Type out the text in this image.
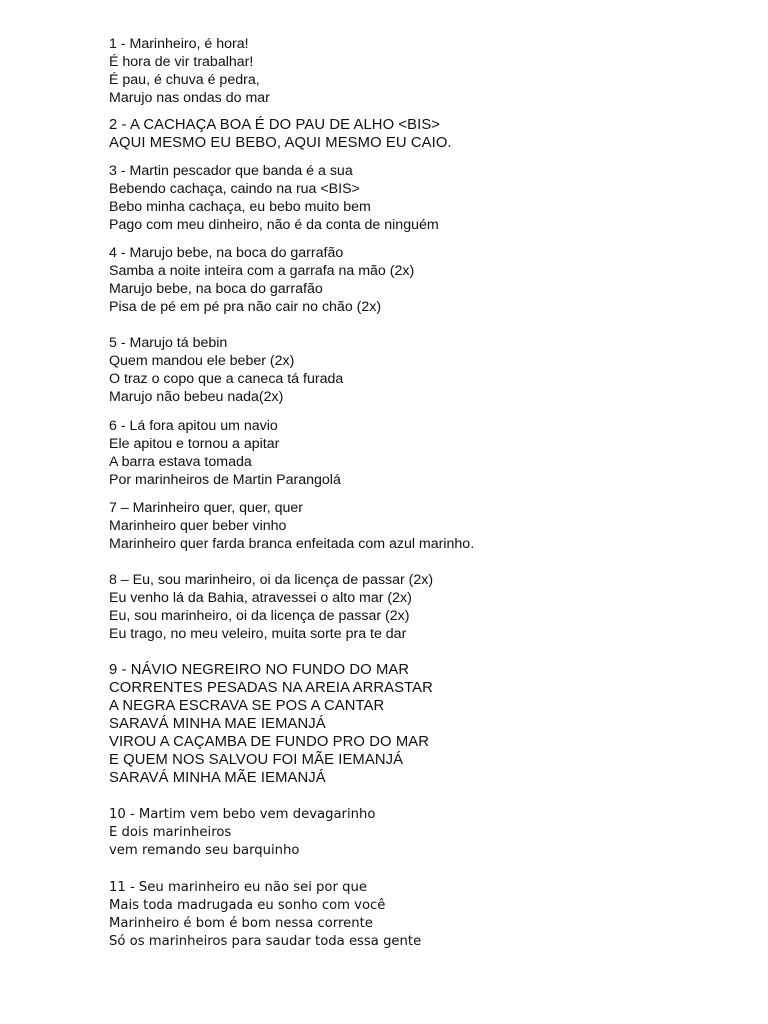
1 - Marinheiro, é hora!
É hora de vir trabalhar!
É pau, é chuva é pedra,
Marujo nas ondas do mar
2 - A CACHAÇA BOA É DO PAU DE ALHO <BIS>
AQUI MESMO EU BEBO, AQUI MESMO EU CAIO.
3 - Martin pescador que banda é a sua
Bebendo cachaça, caindo na rua <BIS>
Bebo minha cachaça, eu bebo muito bem
Pago com meu dinheiro, não é da conta de ninguém
4 - Marujo bebe, na boca do garrafão
Samba a noite inteira com a garrafa na mão (2x)
Marujo bebe, na boca do garrafão
Pisa de pé em pé pra não cair no chão (2x)
5 - Marujo tá bebin
Quem mandou ele beber (2x)
O traz o copo que a caneca tá furada
Marujo não bebeu nada(2x)
6 - Lá fora apitou um navio
Ele apitou e tornou a apitar
A barra estava tomada
Por marinheiros de Martin Parangolá
7 – Marinheiro quer, quer, quer
Marinheiro quer beber vinho
Marinheiro quer farda branca enfeitada com azul marinho.
8 – Eu, sou marinheiro, oi da licença de passar (2x)
Eu venho lá da Bahia, atravessei o alto mar (2x)
Eu, sou marinheiro, oi da licença de passar (2x)
Eu trago, no meu veleiro, muita sorte pra te dar
9 - NÁVIO NEGREIRO NO FUNDO DO MAR
CORRENTES PESADAS NA AREIA ARRASTAR
A NEGRA ESCRAVA SE POS A CANTAR
SARAVÁ MINHA MAE IEMANJÁ
VIROU A CAÇAMBA DE FUNDO PRO DO MAR
E QUEM NOS SALVOU FOI MÃE IEMANJÁ
SARAVÁ MINHA MÃE IEMANJÁ
10 - Martim vem bebo vem devagarinho
E dois marinheiros
vem remando seu barquinho
11 - Seu marinheiro eu não sei por que
Mais toda madrugada eu sonho com você
Marinheiro é bom é bom nessa corrente
Só os marinheiros para saudar toda essa gente
